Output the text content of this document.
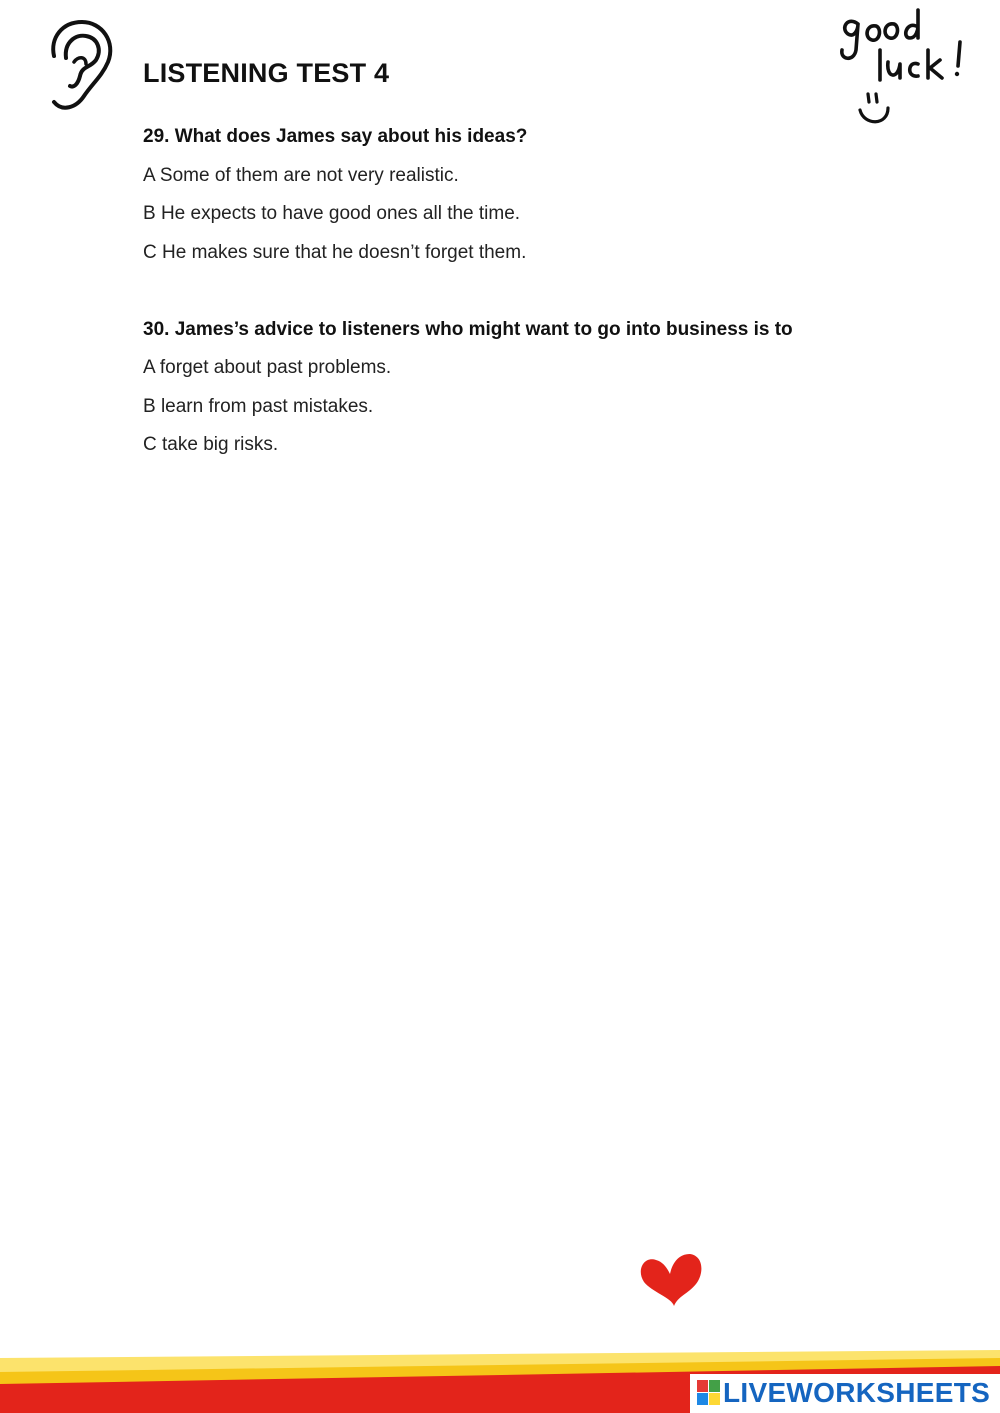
LISTENING TEST 4

29. What does James say about his ideas?

A Some of them are not very realistic.

B He expects to have good ones all the time.

C He makes sure that he doesn’t forget them.

30. James’s advice to listeners who might want to go into business is to

A forget about past problems.

B learn from past mistakes.

C take big risks.

LIVEWORKSHEETS
